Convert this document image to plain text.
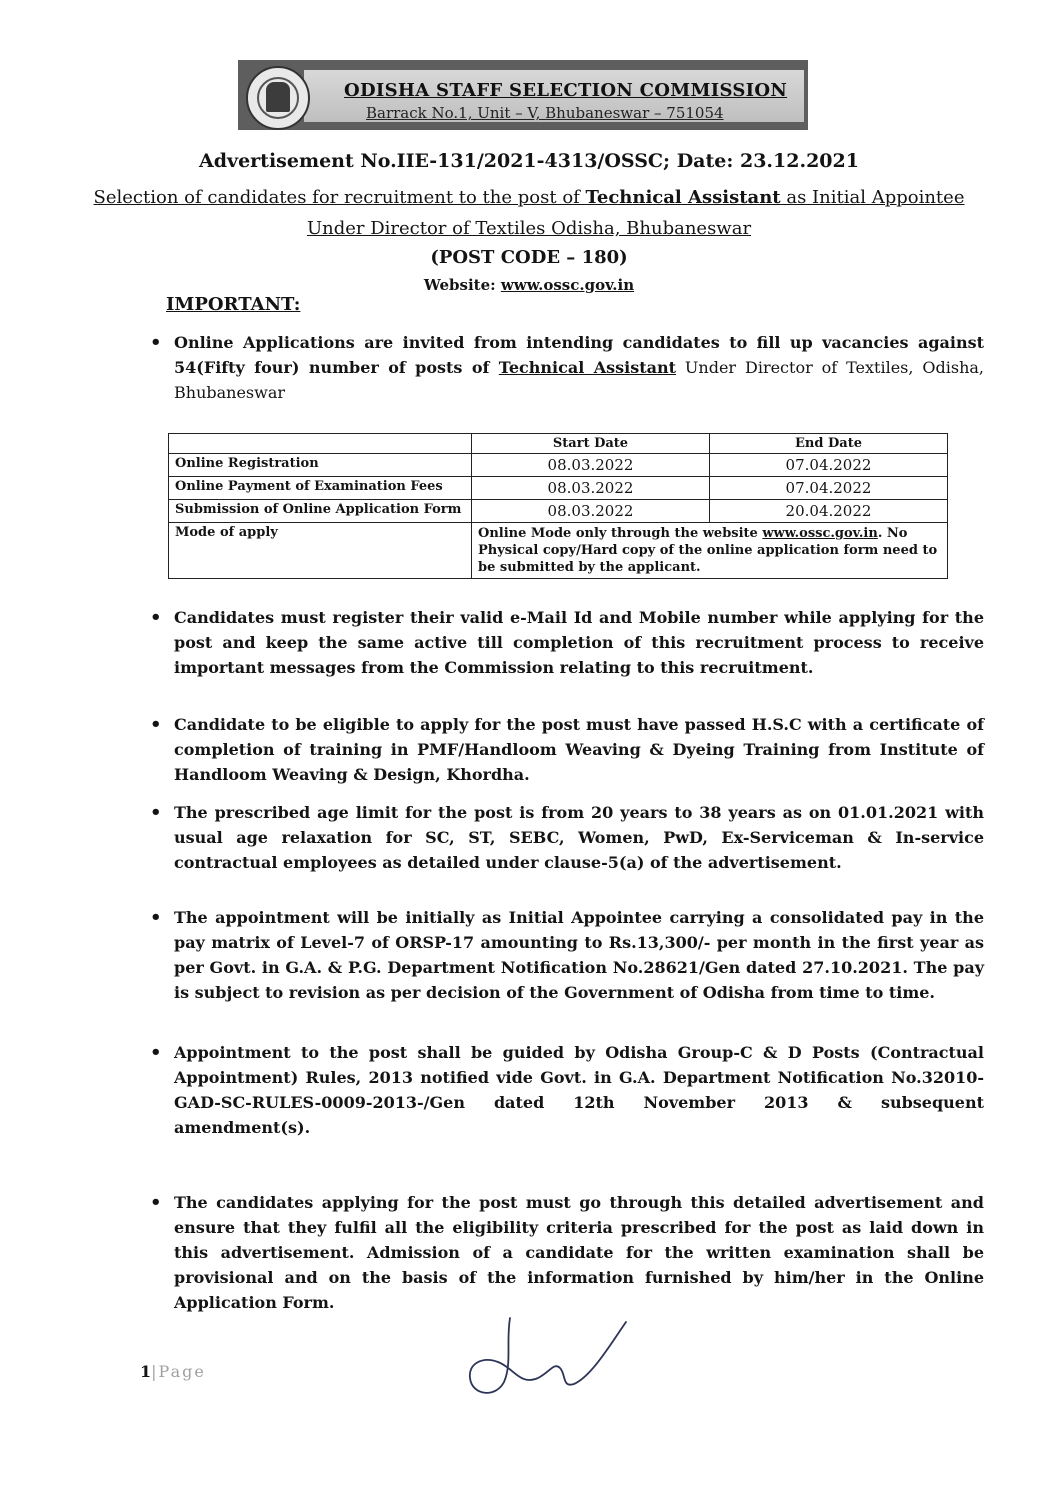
ODISHA STAFF SELECTION COMMISSION
Barrack No.1, Unit – V, Bhubaneswar – 751054
Advertisement No.IIE-131/2021-4313/OSSC; Date: 23.12.2021
Selection of candidates for recruitment to the post of Technical Assistant as Initial Appointee
Under Director of Textiles Odisha, Bhubaneswar
(POST CODE – 180)
Website: www.ossc.gov.in
IMPORTANT:
• Online Applications are invited from intending candidates to fill up vacancies against 54(Fifty four) number of posts of Technical Assistant Under Director of Textiles, Odisha, Bhubaneswar
	Start Date	End Date
Online Registration	08.03.2022	07.04.2022
Online Payment of Examination Fees	08.03.2022	07.04.2022
Submission of Online Application Form	08.03.2022	20.04.2022
Mode of apply	Online Mode only through the website www.ossc.gov.in. No Physical copy/Hard copy of the online application form need to be submitted by the applicant.	
• Candidates must register their valid e-Mail Id and Mobile number while applying for the post and keep the same active till completion of this recruitment process to receive important messages from the Commission relating to this recruitment.
• Candidate to be eligible to apply for the post must have passed H.S.C with a certificate of completion of training in PMF/Handloom Weaving & Dyeing Training from Institute of Handloom Weaving & Design, Khordha.
• The prescribed age limit for the post is from 20 years to 38 years as on 01.01.2021 with usual age relaxation for SC, ST, SEBC, Women, PwD, Ex-Serviceman & In-service contractual employees as detailed under clause-5(a) of the advertisement.
• The appointment will be initially as Initial Appointee carrying a consolidated pay in the pay matrix of Level-7 of ORSP-17 amounting to Rs.13,300/- per month in the first year as per Govt. in G.A. & P.G. Department Notification No.28621/Gen dated 27.10.2021. The pay is subject to revision as per decision of the Government of Odisha from time to time.
• Appointment to the post shall be guided by Odisha Group-C & D Posts (Contractual Appointment) Rules, 2013 notified vide Govt. in G.A. Department Notification No.32010-GAD-SC-RULES-0009-2013-/Gen dated 12th November 2013 & subsequent amendment(s).
• The candidates applying for the post must go through this detailed advertisement and ensure that they fulfil all the eligibility criteria prescribed for the post as laid down in this advertisement. Admission of a candidate for the written examination shall be provisional and on the basis of the information furnished by him/her in the Online Application Form.
1|Page
